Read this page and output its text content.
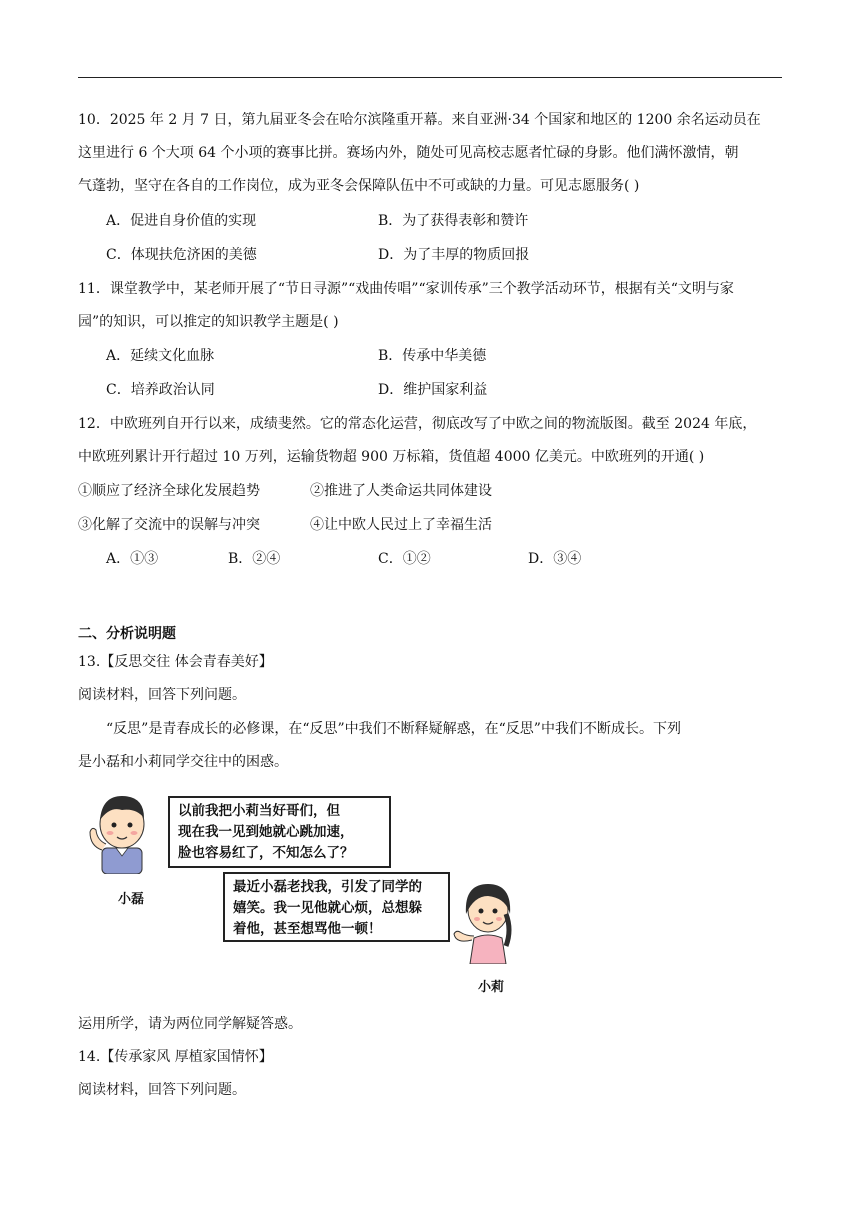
10．2025 年 2 月 7 日，第九届亚冬会在哈尔滨隆重开幕。来自亚洲·34 个国家和地区的 1200 余名运动员在
这里进行 6 个大项 64 个小项的赛事比拼。赛场内外，随处可见高校志愿者忙碌的身影。他们满怀激情，朝
气蓬勃，坚守在各自的工作岗位，成为亚冬会保障队伍中不可或缺的力量。可见志愿服务( )
A．促进自身价值的实现	B．为了获得表彰和赞许
C．体现扶危济困的美德	D．为了丰厚的物质回报
11．课堂教学中，某老师开展了“节日寻源”“戏曲传唱”“家训传承”三个教学活动环节，根据有关“文明与家
园”的知识，可以推定的知识教学主题是( )
A．延续文化血脉	B．传承中华美德
C．培养政治认同	D．维护国家利益
12．中欧班列自开行以来，成绩斐然。它的常态化运营，彻底改写了中欧之间的物流版图。截至 2024 年底，
中欧班列累计开行超过 10 万列，运输货物超 900 万标箱，货值超 4000 亿美元。中欧班列的开通( )
①顺应了经济全球化发展趋势	②推进了人类命运共同体建设
③化解了交流中的误解与冲突	④让中欧人民过上了幸福生活
A．①③	B．②④	C．①②	D．③④
二、分析说明题
13.【反思交往 体会青春美好】
阅读材料，回答下列问题。
“反思”是青春成长的必修课，在“反思”中我们不断释疑解惑，在“反思”中我们不断成长。下列
是小磊和小莉同学交往中的困惑。
以前我把小莉当好哥们，但
现在我一见到她就心跳加速，
脸也容易红了，不知怎么了？
小磊
最近小磊老找我，引发了同学的
嬉笑。我一见他就心烦，总想躲
着他，甚至想骂他一顿！
小莉
运用所学，请为两位同学解疑答惑。
14.【传承家风 厚植家国情怀】
阅读材料，回答下列问题。
